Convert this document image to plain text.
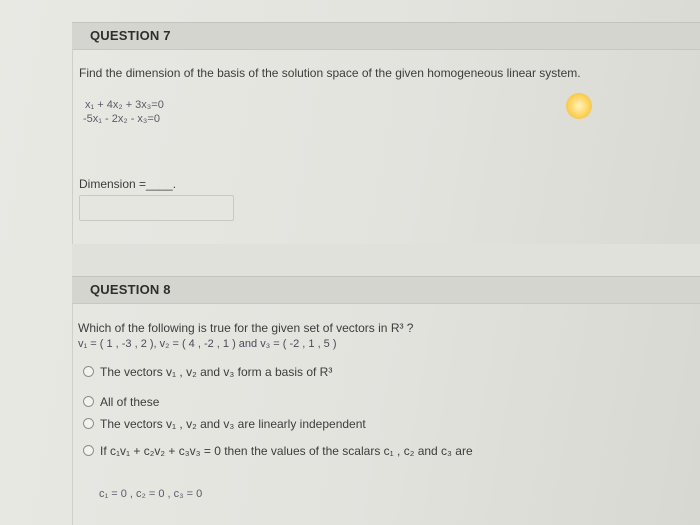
QUESTION 7
Find the dimension of the basis of the solution space of the given homogeneous linear system.
x₁ + 4x₂ + 3x₃=0
-5x₁ - 2x₂ - x₃=0
Dimension =____.
QUESTION 8
Which of the following is true for the given set of vectors in R³ ?
v₁ = ( 1 , -3 , 2 ), v₂ = ( 4 , -2 , 1 ) and v₃ = ( -2 , 1 , 5 )
The vectors v₁ , v₂ and v₃ form a basis of R³
All of these
The vectors v₁ , v₂ and v₃ are linearly independent
If c₁v₁ + c₂v₂ + c₃v₃ = 0 then the values of the scalars c₁ , c₂ and c₃ are
c₁ = 0 , c₂ = 0 , c₃ = 0
